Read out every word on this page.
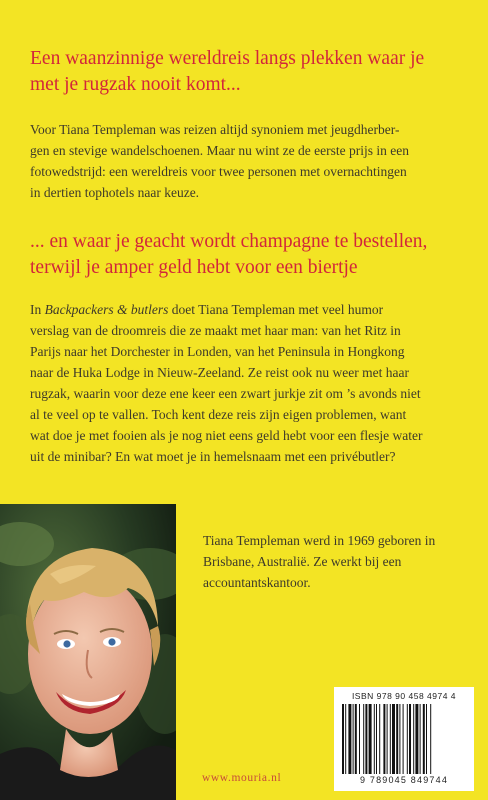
Een waanzinnige wereldreis langs plekken waar je
met je rugzak nooit komt...
Voor Tiana Templeman was reizen altijd synoniem met jeugdherber-
gen en stevige wandelschoenen. Maar nu wint ze de eerste prijs in een
fotowedstrijd: een wereldreis voor twee personen met overnachtingen
in dertien tophotels naar keuze.
... en waar je geacht wordt champagne te bestellen,
terwijl je amper geld hebt voor een biertje
In Backpackers & butlers doet Tiana Templeman met veel humor
verslag van de droomreis die ze maakt met haar man: van het Ritz in
Parijs naar het Dorchester in Londen, van het Peninsula in Hongkong
naar de Huka Lodge in Nieuw-Zeeland. Ze reist ook nu weer met haar
rugzak, waarin voor deze ene keer een zwart jurkje zit om ’s avonds niet
al te veel op te vallen. Toch kent deze reis zijn eigen problemen, want
wat doe je met fooien als je nog niet eens geld hebt voor een flesje water
uit de minibar? En wat moet je in hemelsnaam met een privébutler?
Tiana Templeman werd in 1969 geboren in
Brisbane, Australië. Ze werkt bij een
accountantskantoor.
ISBN 978 90 458 4974 4
9 789045 849744
www.mouria.nl
